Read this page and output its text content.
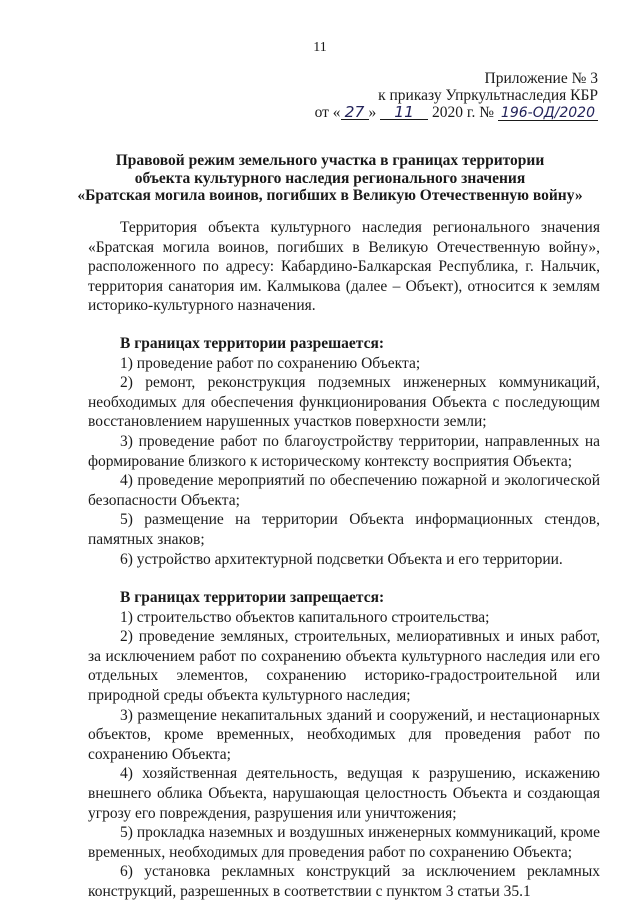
11
Приложение № 3
к приказу Упркультнаследия КБР
от « 27 » 11 2020 г. № 196-ОД/2020
Правовой режим земельного участка в границах территории
объекта культурного наследия регионального значения
«Братская могила воинов, погибших в Великую Отечественную войну»

Территория объекта культурного наследия регионального значения «Братская могила воинов, погибших в Великую Отечественную войну», расположенного по адресу: Кабардино-Балкарская Республика, г. Нальчик, территория санатория им. Калмыкова (далее – Объект), относится к землям историко-культурного назначения.

В границах территории разрешается:

1) проведение работ по сохранению Объекта;

2) ремонт, реконструкция подземных инженерных коммуникаций, необходимых для обеспечения функционирования Объекта с последующим восстановлением нарушенных участков поверхности земли;

3) проведение работ по благоустройству территории, направленных на формирование близкого к историческому контексту восприятия Объекта;

4) проведение мероприятий по обеспечению пожарной и экологической безопасности Объекта;

5) размещение на территории Объекта информационных стендов, памятных знаков;

6) устройство архитектурной подсветки Объекта и его территории.

В границах территории запрещается:

1) строительство объектов капитального строительства;

2) проведение земляных, строительных, мелиоративных и иных работ, за исключением работ по сохранению объекта культурного наследия или его отдельных элементов, сохранению историко-градостроительной или природной среды объекта культурного наследия;

3) размещение некапитальных зданий и сооружений, и нестационарных объектов, кроме временных, необходимых для проведения работ по сохранению Объекта;

4) хозяйственная деятельность, ведущая к разрушению, искажению внешнего облика Объекта, нарушающая целостность Объекта и создающая угрозу его повреждения, разрушения или уничтожения;

5) прокладка наземных и воздушных инженерных коммуникаций, кроме временных, необходимых для проведения работ по сохранению Объекта;

6) установка рекламных конструкций за исключением рекламных конструкций, разрешенных в соответствии с пунктом 3 статьи 35.1
